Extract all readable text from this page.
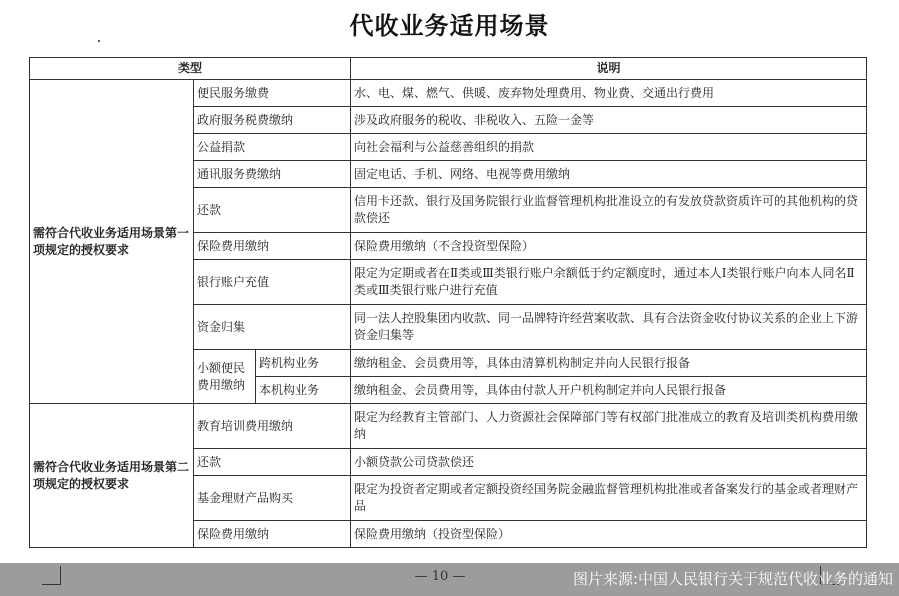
代收业务适用场景
类型			说明
需符合代收业务适用场景第一项规定的授权要求	便民服务缴费		水、电、煤、燃气、供暖、废弃物处理费用、物业费、交通出行费用
	政府服务税费缴纳		涉及政府服务的税收、非税收入、五险一金等
	公益捐款		向社会福利与公益慈善组织的捐款
	通讯服务费缴纳		固定电话、手机、网络、电视等费用缴纳
	还款		信用卡还款、银行及国务院银行业监督管理机构批准设立的有发放贷款资质许可的其他机构的贷款偿还
	保险费用缴纳		保险费用缴纳（不含投资型保险）
	银行账户充值		限定为定期或者在Ⅱ类或Ⅲ类银行账户余额低于约定额度时，通过本人Ⅰ类银行账户向本人同名Ⅱ类或Ⅲ类银行账户进行充值
	资金归集		同一法人控股集团内收款、同一品牌特许经营案收款、具有合法资金收付协议关系的企业上下游资金归集等
	小额便民费用缴纳	跨机构业务	缴纳租金、会员费用等，具体由清算机构制定并向人民银行报备
		本机构业务	缴纳租金、会员费用等，具体由付款人开户机构制定并向人民银行报备
需符合代收业务适用场景第二项规定的授权要求	教育培训费用缴纳		限定为经教育主管部门、人力资源社会保障部门等有权部门批准成立的教育及培训类机构费用缴纳
	还款		小额贷款公司贷款偿还
	基金理财产品购买		限定为投资者定期或者定额投资经国务院金融监督管理机构批准或者备案发行的基金或者理财产品
	保险费用缴纳		保险费用缴纳（投资型保险）
— 10 —	图片来源:中国人民银行关于规范代收业务的通知
